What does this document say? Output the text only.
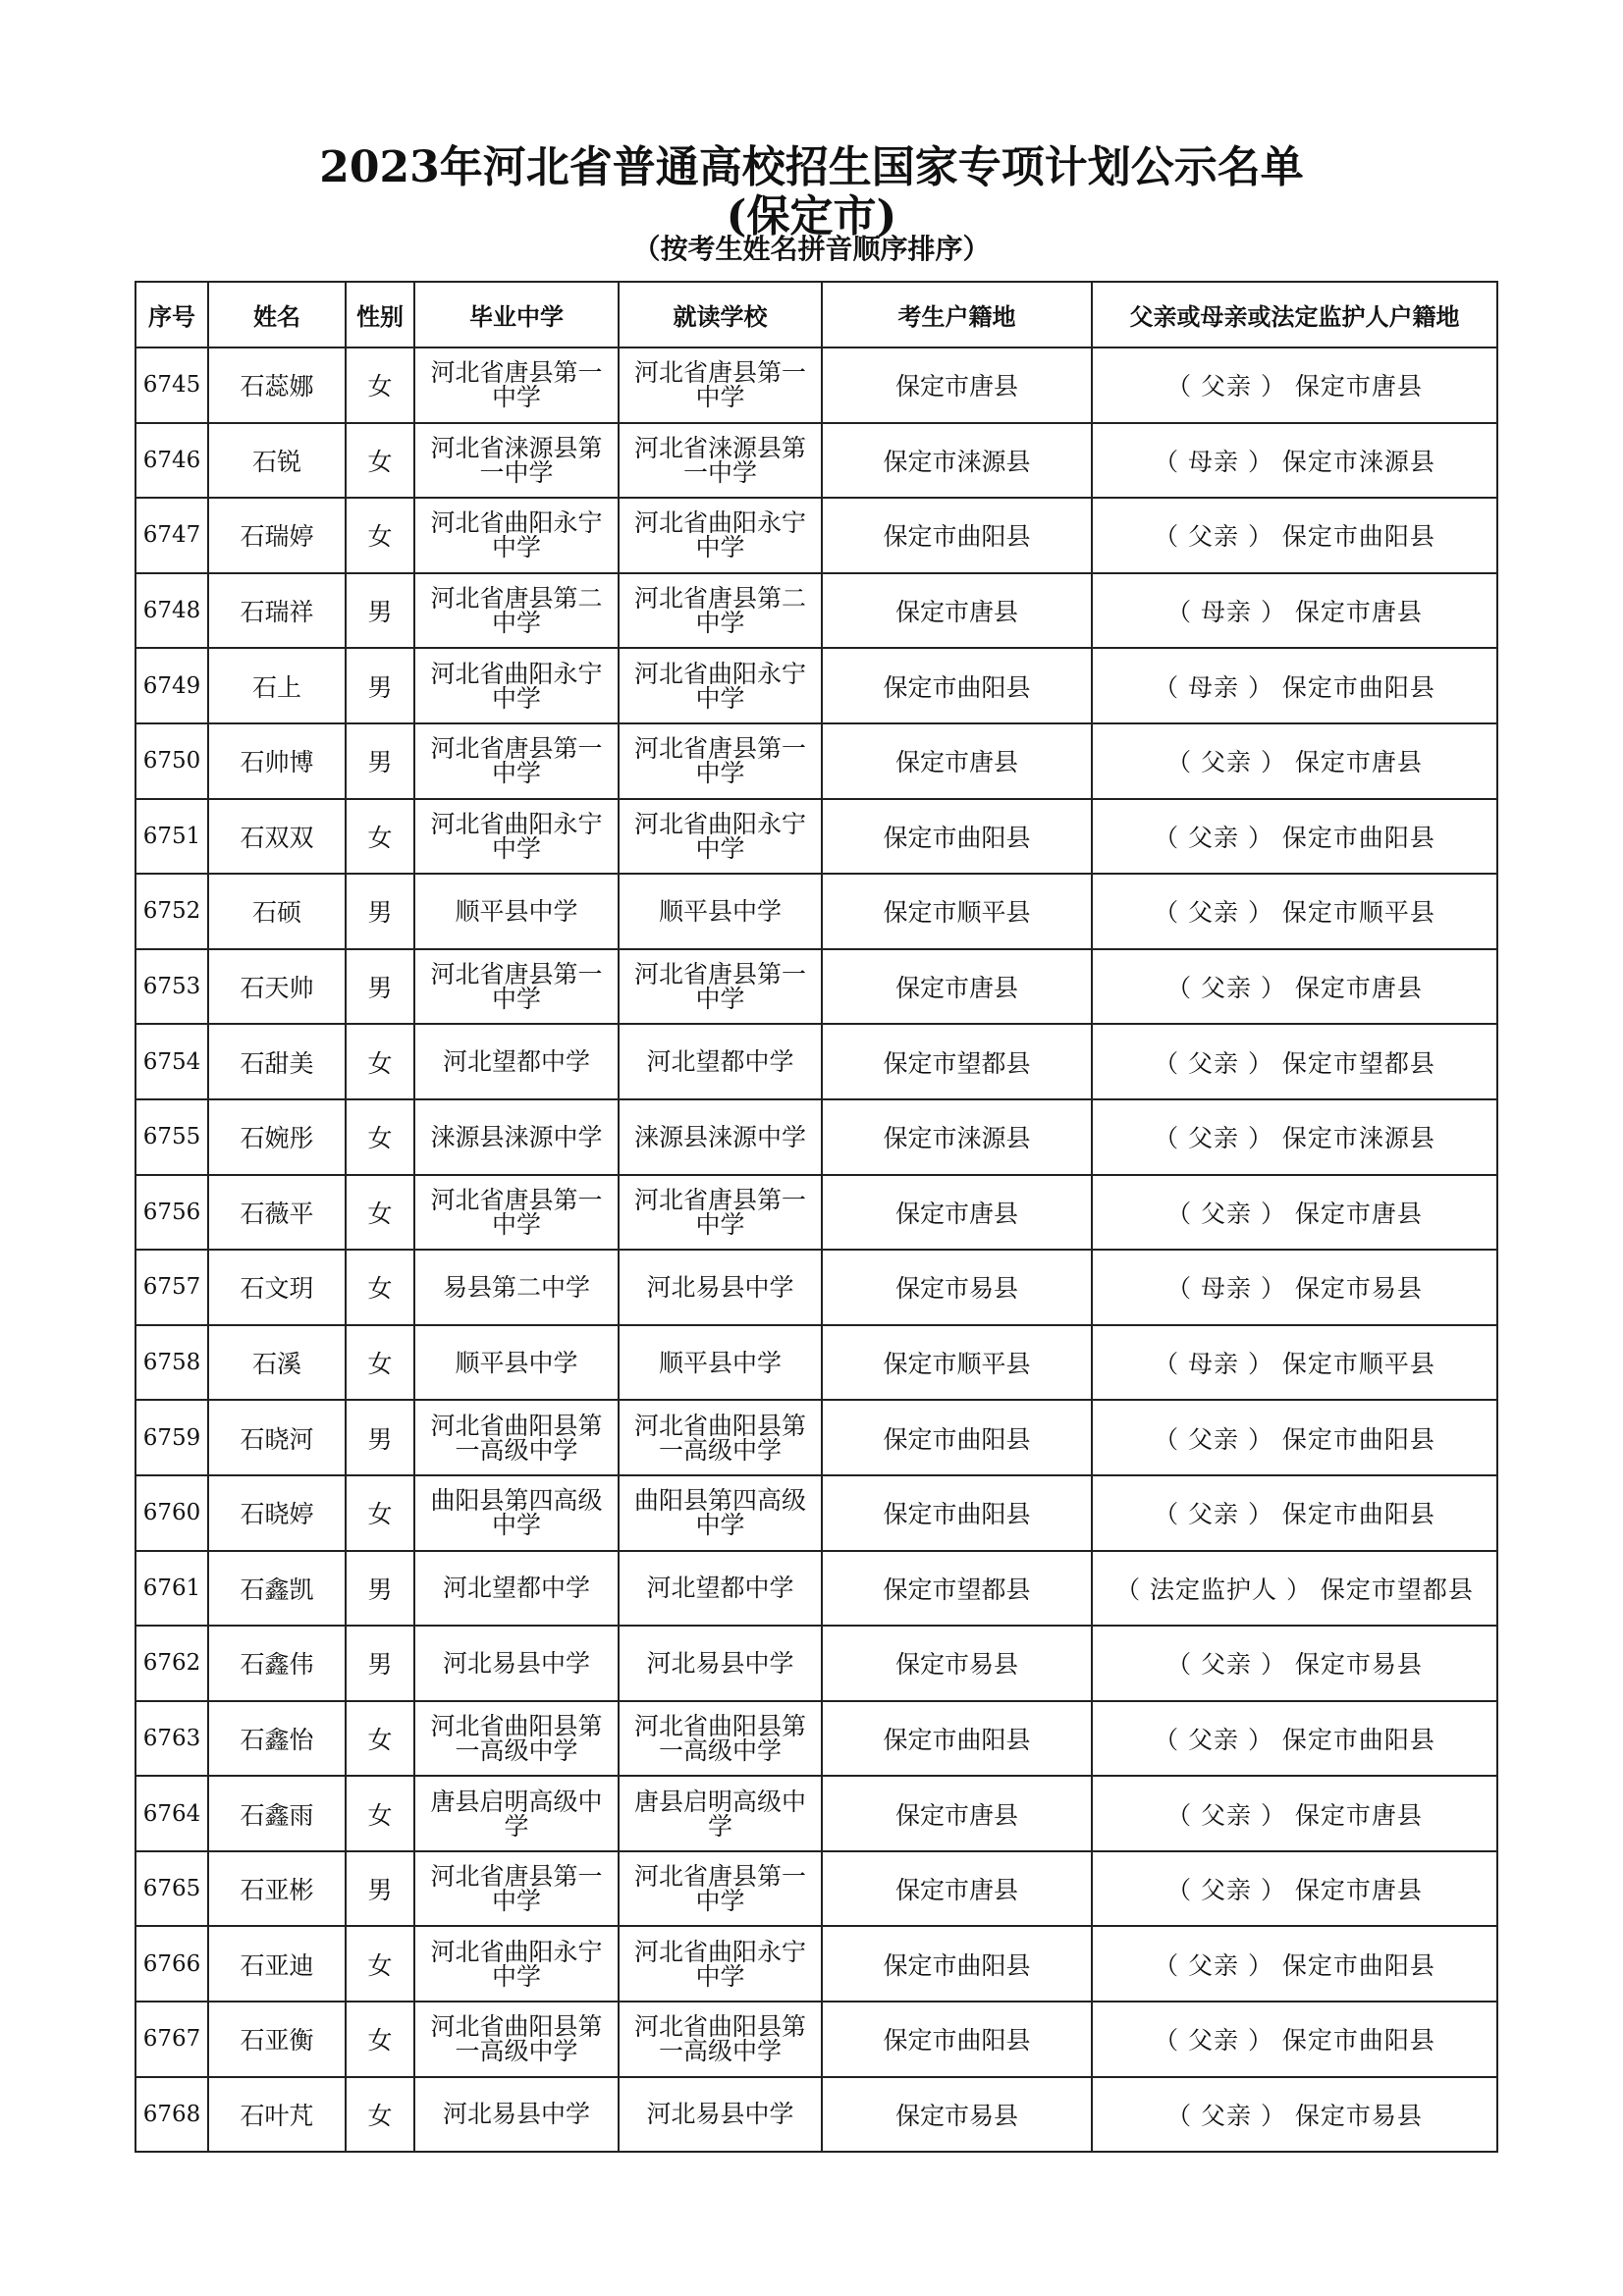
2023年河北省普通高校招生国家专项计划公示名单
(保定市)
（按考生姓名拼音顺序排序）
序号	姓名	性别	毕业中学	就读学校	考生户籍地	父亲或母亲或法定监护人户籍地
6745	石蕊娜	女	河北省唐县第一中学	河北省唐县第一中学	保定市唐县	（ 父亲 ） 保定市唐县
6746	石锐	女	河北省涞源县第一中学	河北省涞源县第一中学	保定市涞源县	（ 母亲 ） 保定市涞源县
6747	石瑞婷	女	河北省曲阳永宁中学	河北省曲阳永宁中学	保定市曲阳县	（ 父亲 ） 保定市曲阳县
6748	石瑞祥	男	河北省唐县第二中学	河北省唐县第二中学	保定市唐县	（ 母亲 ） 保定市唐县
6749	石上	男	河北省曲阳永宁中学	河北省曲阳永宁中学	保定市曲阳县	（ 母亲 ） 保定市曲阳县
6750	石帅博	男	河北省唐县第一中学	河北省唐县第一中学	保定市唐县	（ 父亲 ） 保定市唐县
6751	石双双	女	河北省曲阳永宁中学	河北省曲阳永宁中学	保定市曲阳县	（ 父亲 ） 保定市曲阳县
6752	石硕	男	顺平县中学	顺平县中学	保定市顺平县	（ 父亲 ） 保定市顺平县
6753	石天帅	男	河北省唐县第一中学	河北省唐县第一中学	保定市唐县	（ 父亲 ） 保定市唐县
6754	石甜美	女	河北望都中学	河北望都中学	保定市望都县	（ 父亲 ） 保定市望都县
6755	石婉彤	女	涞源县涞源中学	涞源县涞源中学	保定市涞源县	（ 父亲 ） 保定市涞源县
6756	石薇平	女	河北省唐县第一中学	河北省唐县第一中学	保定市唐县	（ 父亲 ） 保定市唐县
6757	石文玥	女	易县第二中学	河北易县中学	保定市易县	（ 母亲 ） 保定市易县
6758	石溪	女	顺平县中学	顺平县中学	保定市顺平县	（ 母亲 ） 保定市顺平县
6759	石晓河	男	河北省曲阳县第一高级中学	河北省曲阳县第一高级中学	保定市曲阳县	（ 父亲 ） 保定市曲阳县
6760	石晓婷	女	曲阳县第四高级中学	曲阳县第四高级中学	保定市曲阳县	（ 父亲 ） 保定市曲阳县
6761	石鑫凯	男	河北望都中学	河北望都中学	保定市望都县	（ 法定监护人 ） 保定市望都县
6762	石鑫伟	男	河北易县中学	河北易县中学	保定市易县	（ 父亲 ） 保定市易县
6763	石鑫怡	女	河北省曲阳县第一高级中学	河北省曲阳县第一高级中学	保定市曲阳县	（ 父亲 ） 保定市曲阳县
6764	石鑫雨	女	唐县启明高级中学	唐县启明高级中学	保定市唐县	（ 父亲 ） 保定市唐县
6765	石亚彬	男	河北省唐县第一中学	河北省唐县第一中学	保定市唐县	（ 父亲 ） 保定市唐县
6766	石亚迪	女	河北省曲阳永宁中学	河北省曲阳永宁中学	保定市曲阳县	（ 父亲 ） 保定市曲阳县
6767	石亚衡	女	河北省曲阳县第一高级中学	河北省曲阳县第一高级中学	保定市曲阳县	（ 父亲 ） 保定市曲阳县
6768	石叶芃	女	河北易县中学	河北易县中学	保定市易县	（ 父亲 ） 保定市易县
